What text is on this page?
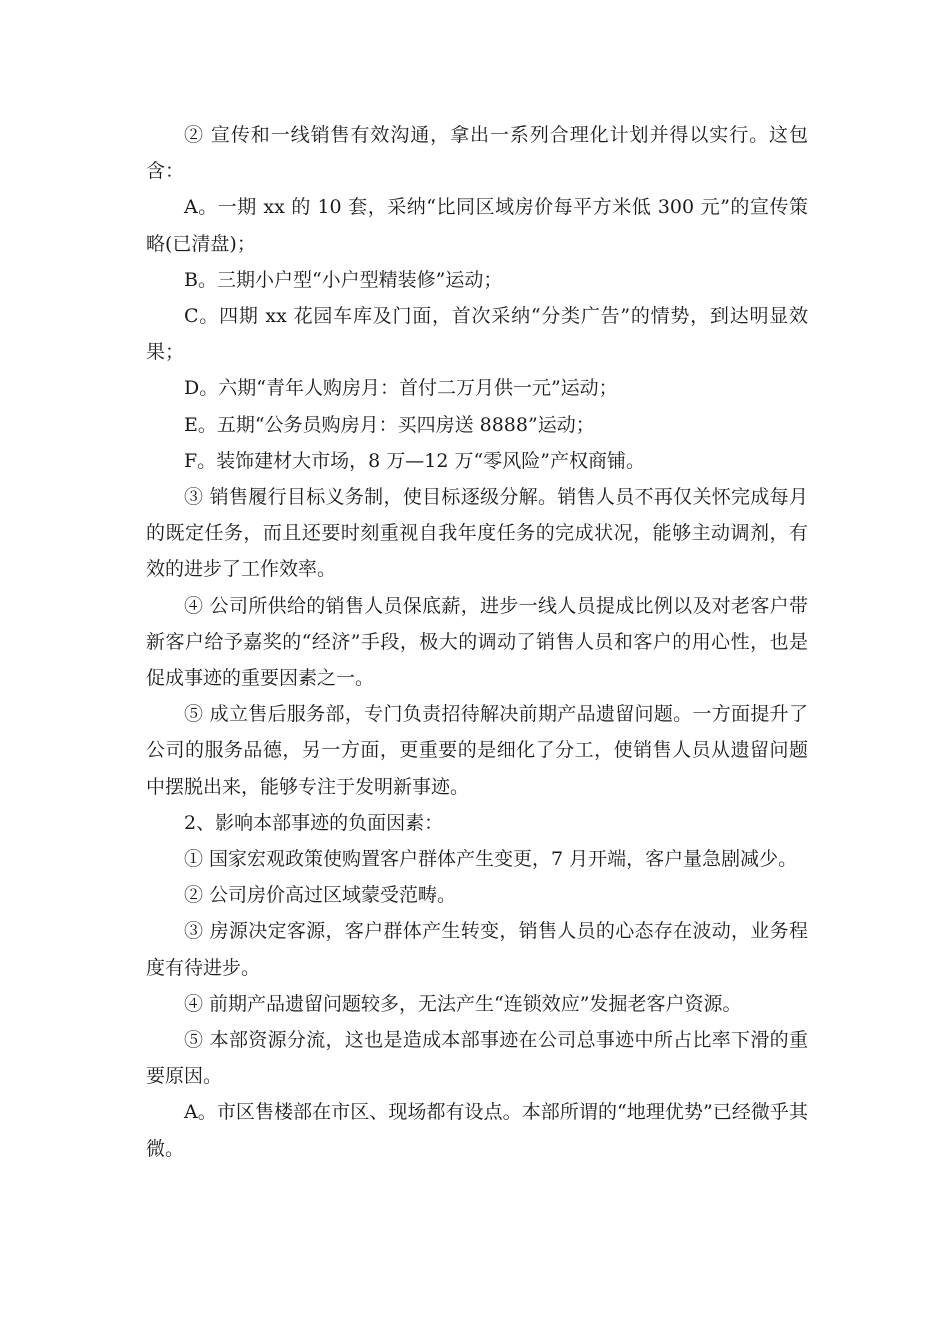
② 宣传和一线销售有效沟通，拿出一系列合理化计划并得以实行。这包含：

A。一期 xx 的 10 套，采纳“比同区域房价每平方米低 300 元”的宣传策略(已清盘)；

B。三期小户型“小户型精装修”运动；

C。四期 xx 花园车库及门面，首次采纳“分类广告”的情势，到达明显效果；

D。六期“青年人购房月：首付二万月供一元”运动；

E。五期“公务员购房月：买四房送 8888”运动；

F。装饰建材大市场，8 万—12 万“零风险”产权商铺。

③ 销售履行目标义务制，使目标逐级分解。销售人员不再仅关怀完成每月的既定任务，而且还要时刻重视自我年度任务的完成状况，能够主动调剂，有效的进步了工作效率。

④ 公司所供给的销售人员保底薪，进步一线人员提成比例以及对老客户带新客户给予嘉奖的“经济”手段，极大的调动了销售人员和客户的用心性，也是促成事迹的重要因素之一。

⑤ 成立售后服务部，专门负责招待解决前期产品遗留问题。一方面提升了公司的服务品德，另一方面，更重要的是细化了分工，使销售人员从遗留问题中摆脱出来，能够专注于发明新事迹。

2、影响本部事迹的负面因素：

① 国家宏观政策使购置客户群体产生变更，7 月开端，客户量急剧减少。

② 公司房价高过区域蒙受范畴。

③ 房源决定客源，客户群体产生转变，销售人员的心态存在波动，业务程度有待进步。

④ 前期产品遗留问题较多，无法产生“连锁效应”发掘老客户资源。

⑤ 本部资源分流，这也是造成本部事迹在公司总事迹中所占比率下滑的重要原因。

A。市区售楼部在市区、现场都有设点。本部所谓的“地理优势”已经微乎其微。
